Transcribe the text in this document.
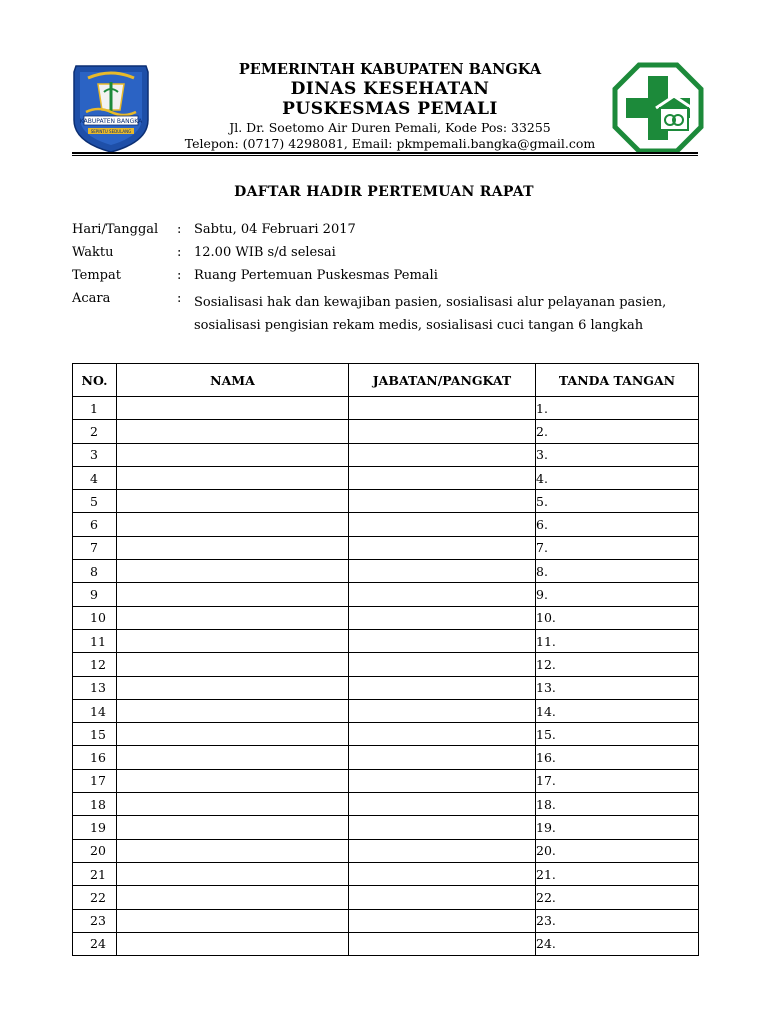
KABUPATEN BANGKA
SEPINTU SEDULANG
PEMERINTAH KABUPATEN BANGKA
DINAS KESEHATAN
PUSKESMAS PEMALI
Jl. Dr. Soetomo Air Duren Pemali, Kode Pos: 33255
Telepon: (0717) 4298081, Email: pkmpemali.bangka@gmail.com
DAFTAR HADIR PERTEMUAN RAPAT
Hari/Tanggal : Sabtu, 04 Februari 2017
Waktu	: 12.00 WIB s/d selesai
Tempat	: Ruang Pertemuan Puskesmas Pemali
Acara	: Sosialisasi hak dan kewajiban pasien, sosialisasi alur pelayanan pasien, sosialisasi pengisian rekam medis, sosialisasi cuci tangan 6 langkah
NO.	NAMA	JABATAN/PANGKAT	TANDA TANGAN
1			1.
2			2.
3			3.
4			4.
5			5.
6			6.
7			7.
8			8.
9			9.
10			10.
11			11.
12			12.
13			13.
14			14.
15			15.
16			16.
17			17.
18			18.
19			19.
20			20.
21			21.
22			22.
23			23.
24			24.
